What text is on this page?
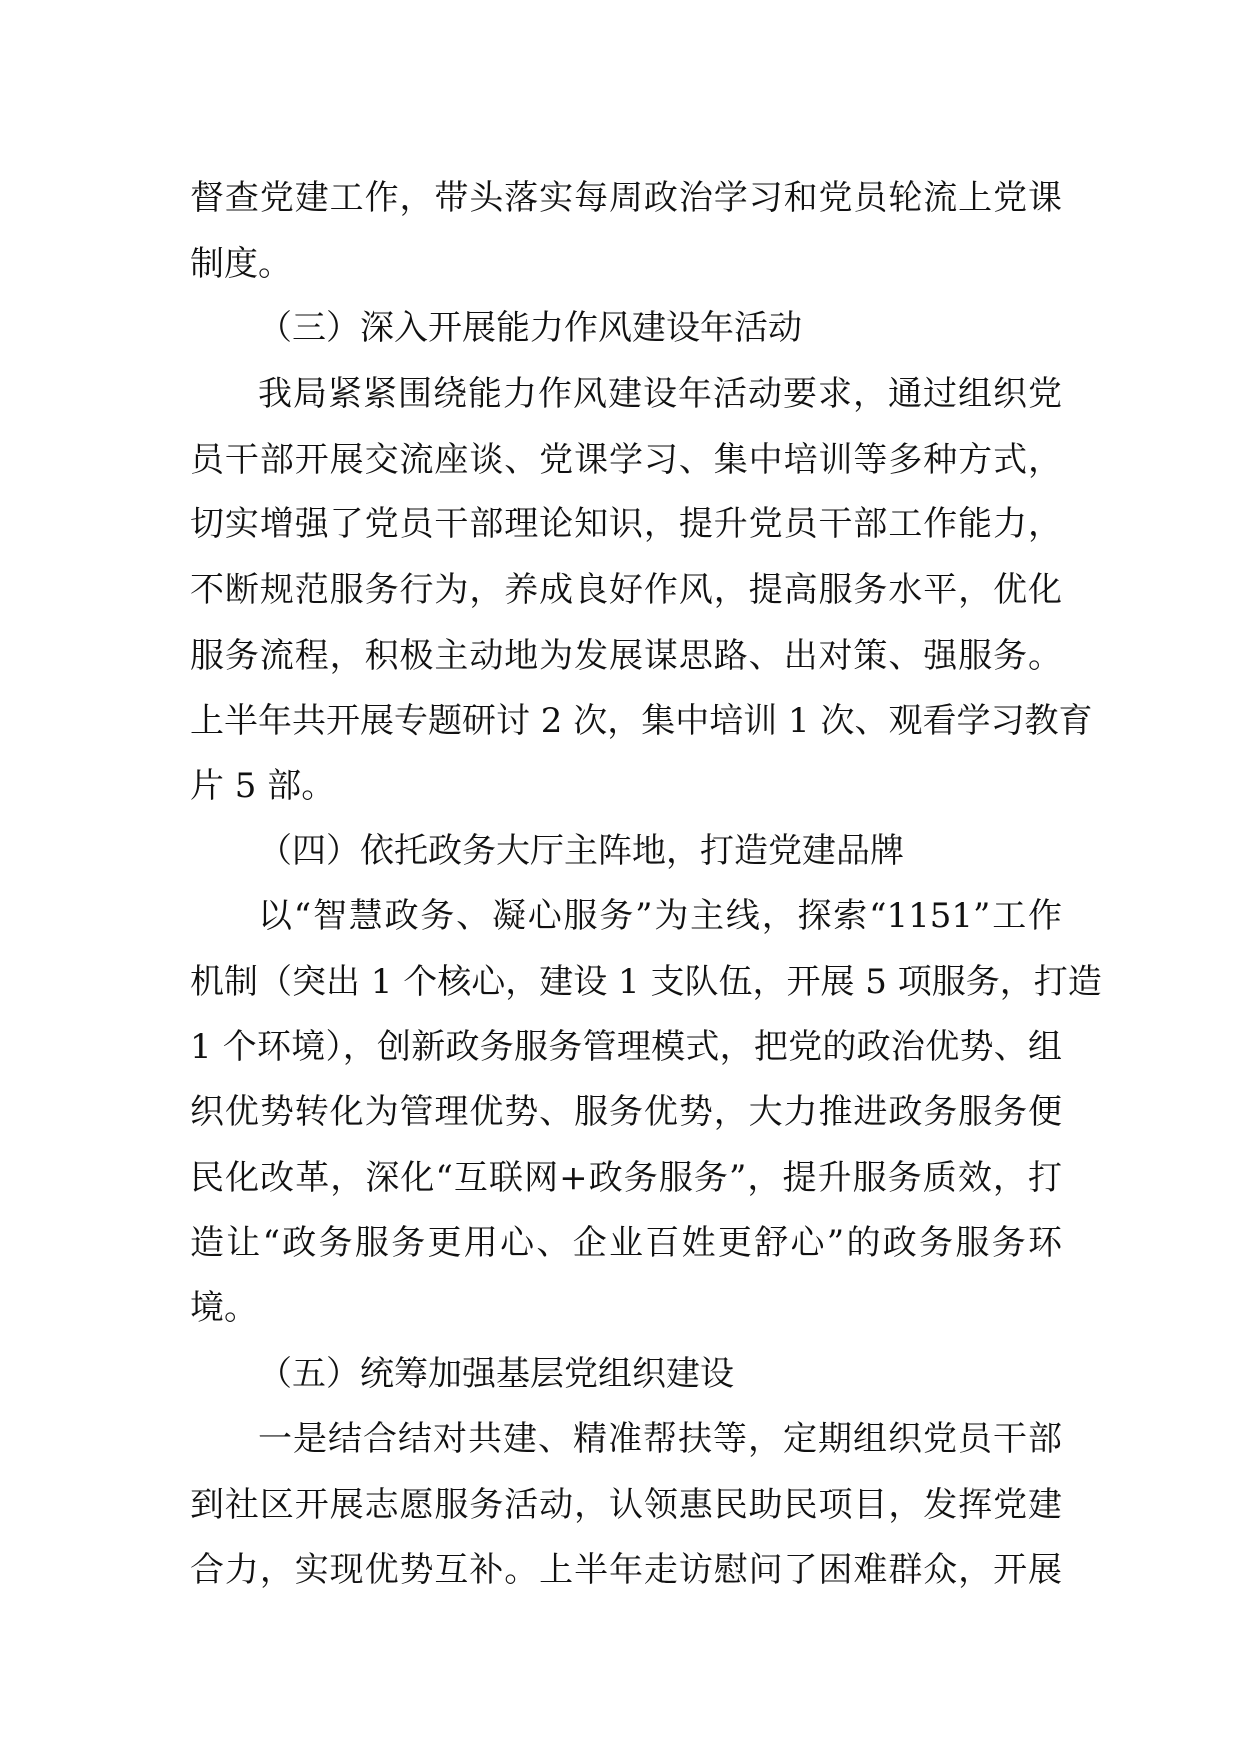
督查党建工作，带头落实每周政治学习和党员轮流上党课
制度。
（三）深入开展能力作风建设年活动
我局紧紧围绕能力作风建设年活动要求，通过组织党
员干部开展交流座谈、党课学习、集中培训等多种方式，
切实增强了党员干部理论知识，提升党员干部工作能力，
不断规范服务行为，养成良好作风，提高服务水平，优化
服务流程，积极主动地为发展谋思路、出对策、强服务。
上半年共开展专题研讨 2 次，集中培训 1 次、观看学习教育
片 5 部。
（四）依托政务大厅主阵地，打造党建品牌
以“智慧政务、凝心服务”为主线，探索“1151”工作
机制（突出 1 个核心，建设 1 支队伍，开展 5 项服务，打造
1 个环境），创新政务服务管理模式，把党的政治优势、组
织优势转化为管理优势、服务优势，大力推进政务服务便
民化改革，深化“互联网+政务服务”，提升服务质效，打
造让“政务服务更用心、企业百姓更舒心”的政务服务环
境。
（五）统筹加强基层党组织建设
一是结合结对共建、精准帮扶等，定期组织党员干部
到社区开展志愿服务活动，认领惠民助民项目，发挥党建
合力，实现优势互补。上半年走访慰问了困难群众，开展
